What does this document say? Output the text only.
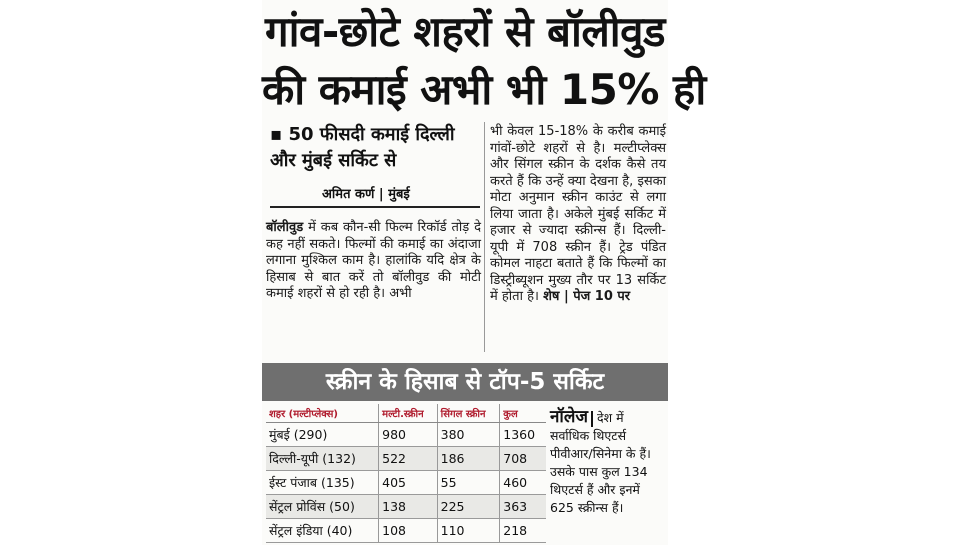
गांव-छोटे शहरों से बॉलीवुड
की कमाई अभी भी 15% ही
▪ 50 फीसदी कमाई दिल्ली और मुंबई सर्किट से
अमित कर्ण | मुंबई
बॉलीवुड में कब कौन-सी फिल्म रिकॉर्ड तोड़ दे कह नहीं सकते। फिल्मों की कमाई का अंदाजा लगाना मुश्किल काम है। हालांकि यदि क्षेत्र के हिसाब से बात करें तो बॉलीवुड की मोटी कमाई शहरों से हो रही है। अभी
भी केवल 15-18% के करीब कमाई गांवों-छोटे शहरों से है। मल्टीप्लेक्स और सिंगल स्क्रीन के दर्शक कैसे तय करते हैं कि उन्हें क्या देखना है, इसका मोटा अनुमान स्क्रीन काउंट से लगा लिया जाता है। अकेले मुंबई सर्किट में हजार से ज्यादा स्क्रीन्स हैं। दिल्ली-यूपी में 708 स्क्रीन हैं। ट्रेड पंडित कोमल नाहटा बताते हैं कि फिल्मों का डिस्ट्रीब्यूशन मुख्य तौर पर 13 सर्किट में होता है। शेष | पेज 10 पर
स्क्रीन के हिसाब से टॉप-5 सर्किट
शहर (मल्टीप्लेक्स)	मल्टी.स्क्रीन	सिंगल स्क्रीन	कुल
मुंबई (290)	980	380	1360
दिल्ली-यूपी (132)	522	186	708
ईस्ट पंजाब (135)	405	55	460
सेंट्रल प्रोविंस (50)	138	225	363
सेंट्रल इंडिया (40)	108	110	218
नॉलेज देश में सर्वाधिक थिएटर्स पीवीआर/सिनेमा के हैं। उसके पास कुल 134 थिएटर्स हैं और इनमें 625 स्क्रीन्स हैं।
